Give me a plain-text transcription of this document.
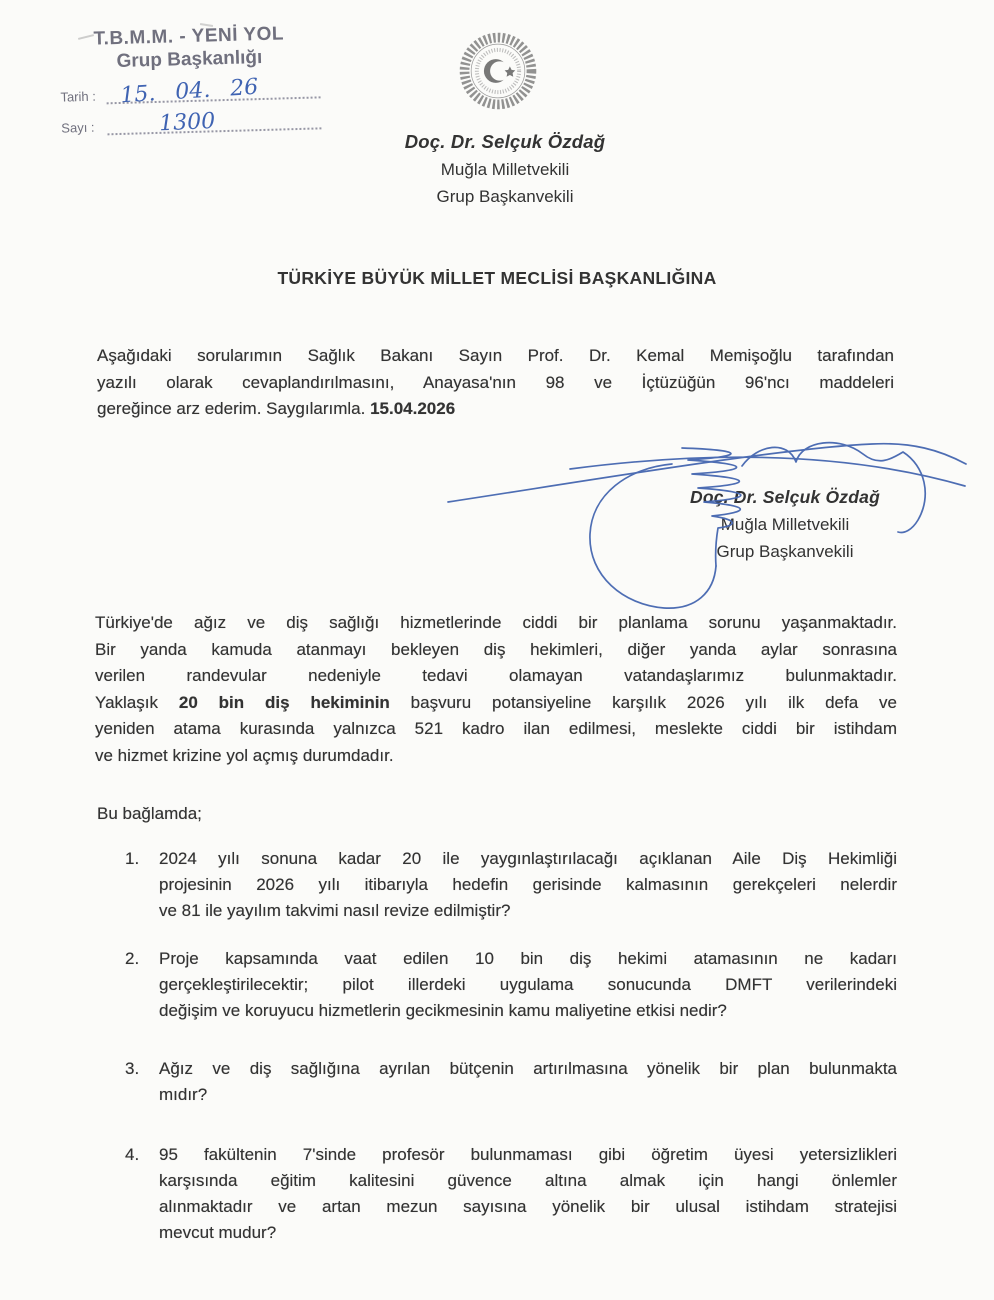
T.B.M.M. - YENİ YOL
Grup Başkanlığı
Tarih :	15. 04. 26
Sayı :	1300
Doç. Dr. Selçuk Özdağ
Muğla Milletvekili
Grup Başkanvekili
TÜRKİYE BÜYÜK MİLLET MECLİSİ BAŞKANLIĞINA
Aşağıdaki sorularımın Sağlık Bakanı Sayın Prof. Dr. Kemal Memişoğlu tarafından
yazılı olarak cevaplandırılmasını, Anayasa'nın 98 ve İçtüzüğün 96'ncı maddeleri
gereğince arz ederim. Saygılarımla. 15.04.2026
Doç. Dr. Selçuk Özdağ
Muğla Milletvekili
Grup Başkanvekili
Türkiye'de ağız ve diş sağlığı hizmetlerinde ciddi bir planlama sorunu yaşanmaktadır.
Bir yanda kamuda atanmayı bekleyen diş hekimleri, diğer yanda aylar sonrasına
verilen randevular nedeniyle tedavi olamayan vatandaşlarımız bulunmaktadır.
Yaklaşık 20 bin diş hekiminin başvuru potansiyeline karşılık 2026 yılı ilk defa ve
yeniden atama kurasında yalnızca 521 kadro ilan edilmesi, meslekte ciddi bir istihdam
ve hizmet krizine yol açmış durumdadır.
Bu bağlamda;
1.	2024 yılı sonuna kadar 20 ile yaygınlaştırılacağı açıklanan Aile Diş Hekimliği
projesinin 2026 yılı itibarıyla hedefin gerisinde kalmasının gerekçeleri nelerdir
ve 81 ile yayılım takvimi nasıl revize edilmiştir?
2.	Proje kapsamında vaat edilen 10 bin diş hekimi atamasının ne kadarı
gerçekleştirilecektir; pilot illerdeki uygulama sonucunda DMFT verilerindeki
değişim ve koruyucu hizmetlerin gecikmesinin kamu maliyetine etkisi nedir?
3.	Ağız ve diş sağlığına ayrılan bütçenin artırılmasına yönelik bir plan bulunmakta
mıdır?
4.	95 fakültenin 7'sinde profesör bulunmaması gibi öğretim üyesi yetersizlikleri
karşısında eğitim kalitesini güvence altına almak için hangi önlemler
alınmaktadır ve artan mezun sayısına yönelik bir ulusal istihdam stratejisi
mevcut mudur?
